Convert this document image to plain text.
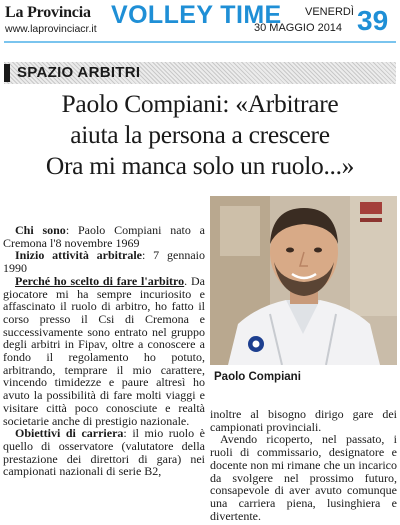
La Provincia
www.laprovinciacr.it VOLLEY TIME VENERDÌ
30 MAGGIO 2014 39
SPAZIO ARBITRI
Paolo Compiani: «Arbitrare
aiuta la persona a crescere
Ora mi manca solo un ruolo...»

Chi sono: Paolo Compiani nato a Cremona l'8 novembre 1969

Inizio attività arbitrale: 7 gennaio 1990

Perché ho scelto di fare l'arbitro. Da giocatore mi ha sempre incuriosito e affascinato il ruolo di arbitro, ho fatto il corso presso il Csi di Cremona e successivamente sono entrato nel gruppo degli arbitri in Fipav, oltre a conoscere a fondo il regolamento ho potuto, arbitrando, temprare il mio carattere, vincendo timidezze e paure altresì ho avuto la possibilità di fare molti viaggi e visitare città poco conosciute e realtà societarie anche di prestigio nazionale.

Obiettivi di carriera: il mio ruolo è quello di osservatore (valutatore della prestazione dei direttori di gara) nei campionati nazionali di serie B2,

Paolo Compiani

inoltre al bisogno dirigo gare dei campionati provinciali.

Avendo ricoperto, nel passato, i ruoli di commissario, designatore e docente non mi rimane che un incarico da svolgere nel prossimo futuro, consapevole di aver avuto comunque una carriera piena, lusinghiera e divertente.
